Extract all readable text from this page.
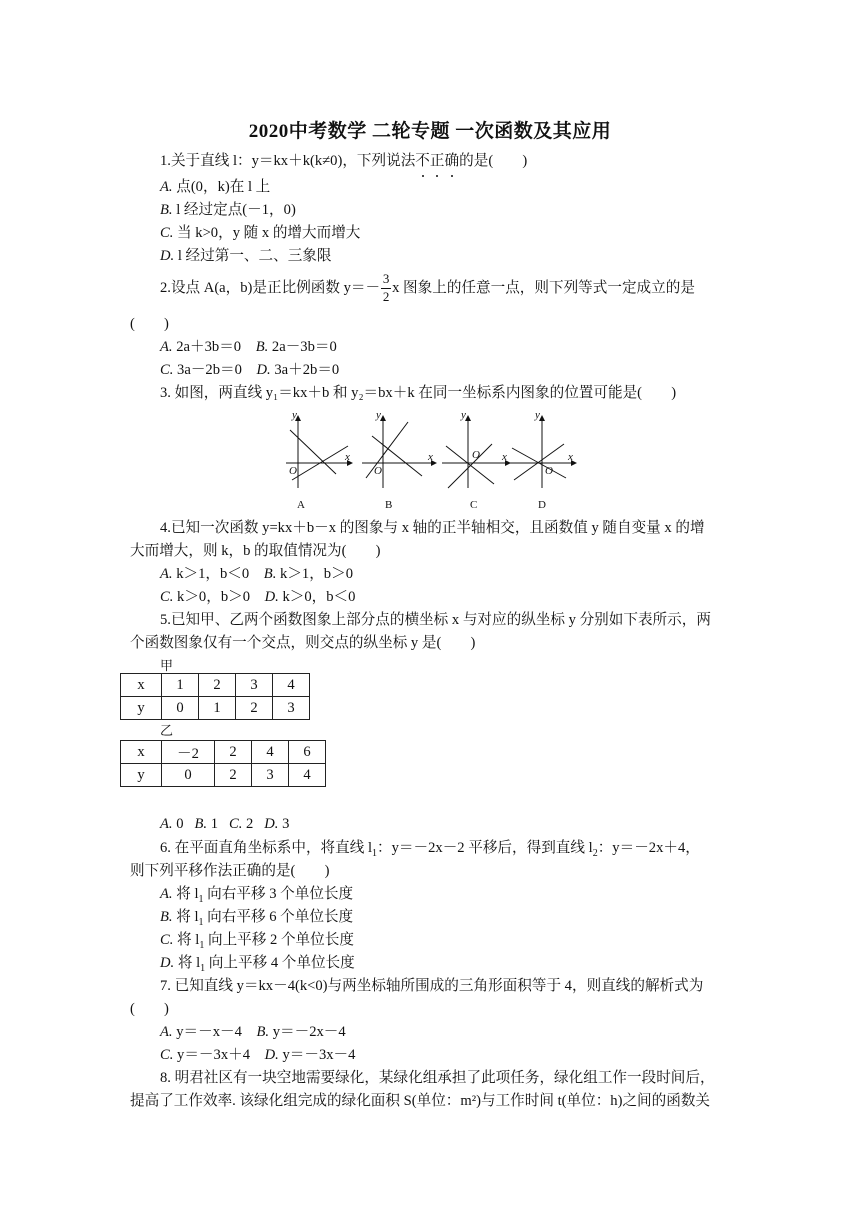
2020中考数学 二轮专题 一次函数及其应用
1.关于直线 l：y＝kx＋k(k≠0)，下列说法不
正
确
的是(　　)
A. 点(0，k)在 l 上
B. l 经过定点(－1，0)
C. 当 k>0，y 随 x 的增大而增大
D. l 经过第一、二、三象限
2.设点 A(a，b)是正比例函数 $y=- \frac{3}{2}$ x 图象上的任意一点，则下列等式一定成立的是
(　　)
A. 2a＋3b＝0 B. 2a－3b＝0
C. 3a－2b＝0 D. 3a＋2b＝0
3. 如图，两直线 y₁＝kx＋b 和 y₂＝bx＋k 在同一坐标系内图象的位置可能是(　　)
y
x
O
y
x
O
y
x
O
y
x
O
A	B	C	D
4.已知一次函数 y=kx＋b－x 的图象与 x 轴的正半轴相交，且函数值 y 随自变量 x 的增
大而增大，则 k，b 的取值情况为(　　)
A. k＞1，b＜0 B. k＞1，b＞0
C. k＞0，b＞0 D. k＞0，b＜0
5.已知甲、乙两个函数图象上部分点的横坐标 x 与对应的纵坐标 y 分别如下表所示，两
个函数图象仅有一个交点，则交点的纵坐标 y 是(　　)
甲
x	1	2	3	4
y	0	1	2	3
乙
x	－2	2	4	6
y	0	2	3	4
A. 0 B. 1 C. 2 D. 3
6. 在平面直角坐标系中，将直线 $l_1$：y＝－2x－2 平移后，得到直线 $l_2$：y＝－2x＋4，
则下列平移作法正确的是(　　)
A. 将 $l_1$ 向右平移 3 个单位长度
B. 将 $l_1$ 向右平移 6 个单位长度
C. 将 $l_1$ 向上平移 2 个单位长度
D. 将 $l_1$ 向上平移 4 个单位长度
7. 已知直线 y＝kx－4(k<0)与两坐标轴所围成的三角形面积等于 4，则直线的解析式为
(　　)
A. y＝－x－4 B. y＝－2x－4
C. y＝－3x＋4 D. y＝－3x－4
8. 明君社区有一块空地需要绿化，某绿化组承担了此项任务，绿化组工作一段时间后，
提高了工作效率. 该绿化组完成的绿化面积 S(单位：m²)与工作时间 t(单位：h)之间的函数关
